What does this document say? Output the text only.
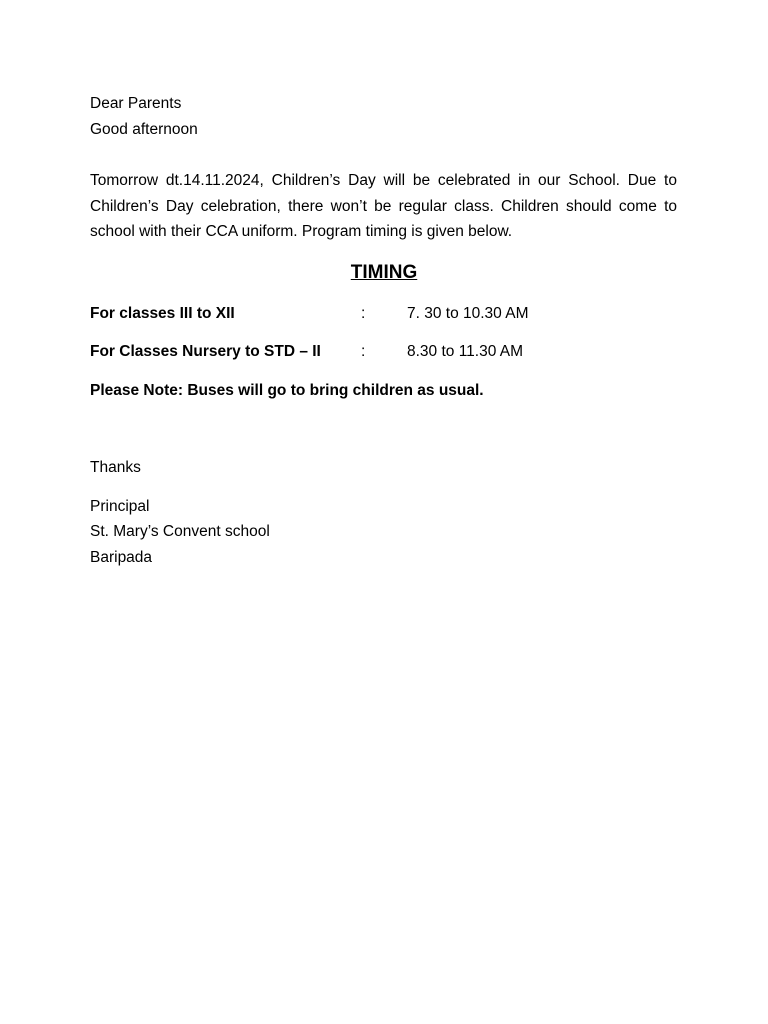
Dear Parents
Good afternoon
Tomorrow dt.14.11.2024, Children’s Day will be celebrated in our School. Due to Children’s Day celebration, there won’t be regular class. Children should come to school with their CCA uniform. Program timing is given below.
TIMING
For classes III to XII	:	7. 30 to 10.30 AM
For Classes Nursery to STD – II	:	8.30 to 11.30 AM
Please Note: Buses will go to bring children as usual.
Thanks
Principal
St. Mary’s Convent school
Baripada
